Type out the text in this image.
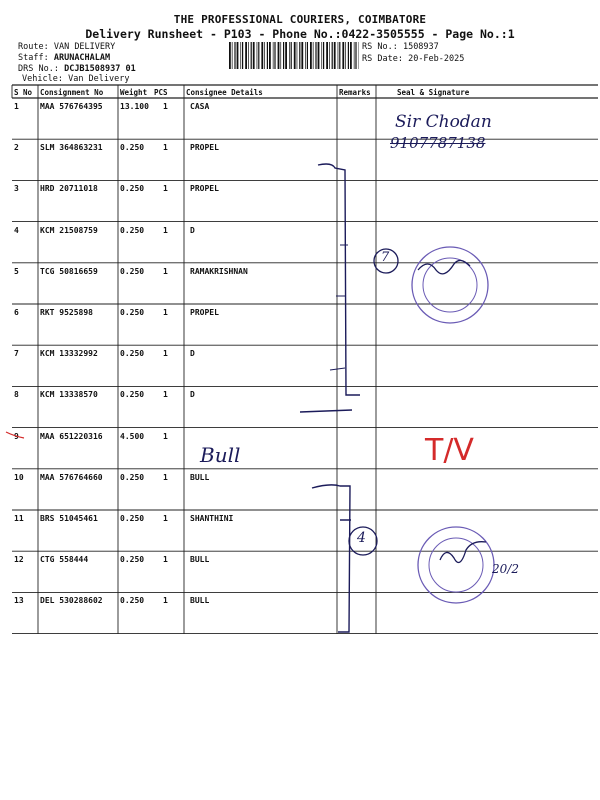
THE PROFESSIONAL COURIERS, COIMBATORE
Delivery Runsheet - P103 - Phone No.:0422-3505555 - Page No.:1
Route: VAN DELIVERY
Staff: ARUNACHALAM
DRS No.: DCJB1508937 01
Vehicle: Van Delivery
RS No.: 1508937
RS Date: 20-Feb-2025
S No Consignment No Weight PCS Consignee Details	Remarks	Seal & Signature
1	MAA 576764395 13.100 1	CASA
2	SLM 364863231 0.250 1	PROPEL
3	HRD 20711018	0.250 1	PROPEL
4	KCM 21508759	0.250 1	D
5	TCG 50816659	0.250 1	RAMAKRISHNAN
6	RKT 9525898	0.250 1	PROPEL
7	KCM 13332992	0.250 1	D
8	KCM 13338570	0.250 1	D
9	MAA 651220316 4.500 1
10 MAA 576764660 0.250 1	BULL
11 BRS 51045461	0.250 1	SHANTHINI
12 CTG 558444	0.250 1	BULL
13 DEL 530288602 0.250 1	BULL
Sir Chodan
9107787138
7
Bull	T/V
4
20/2
